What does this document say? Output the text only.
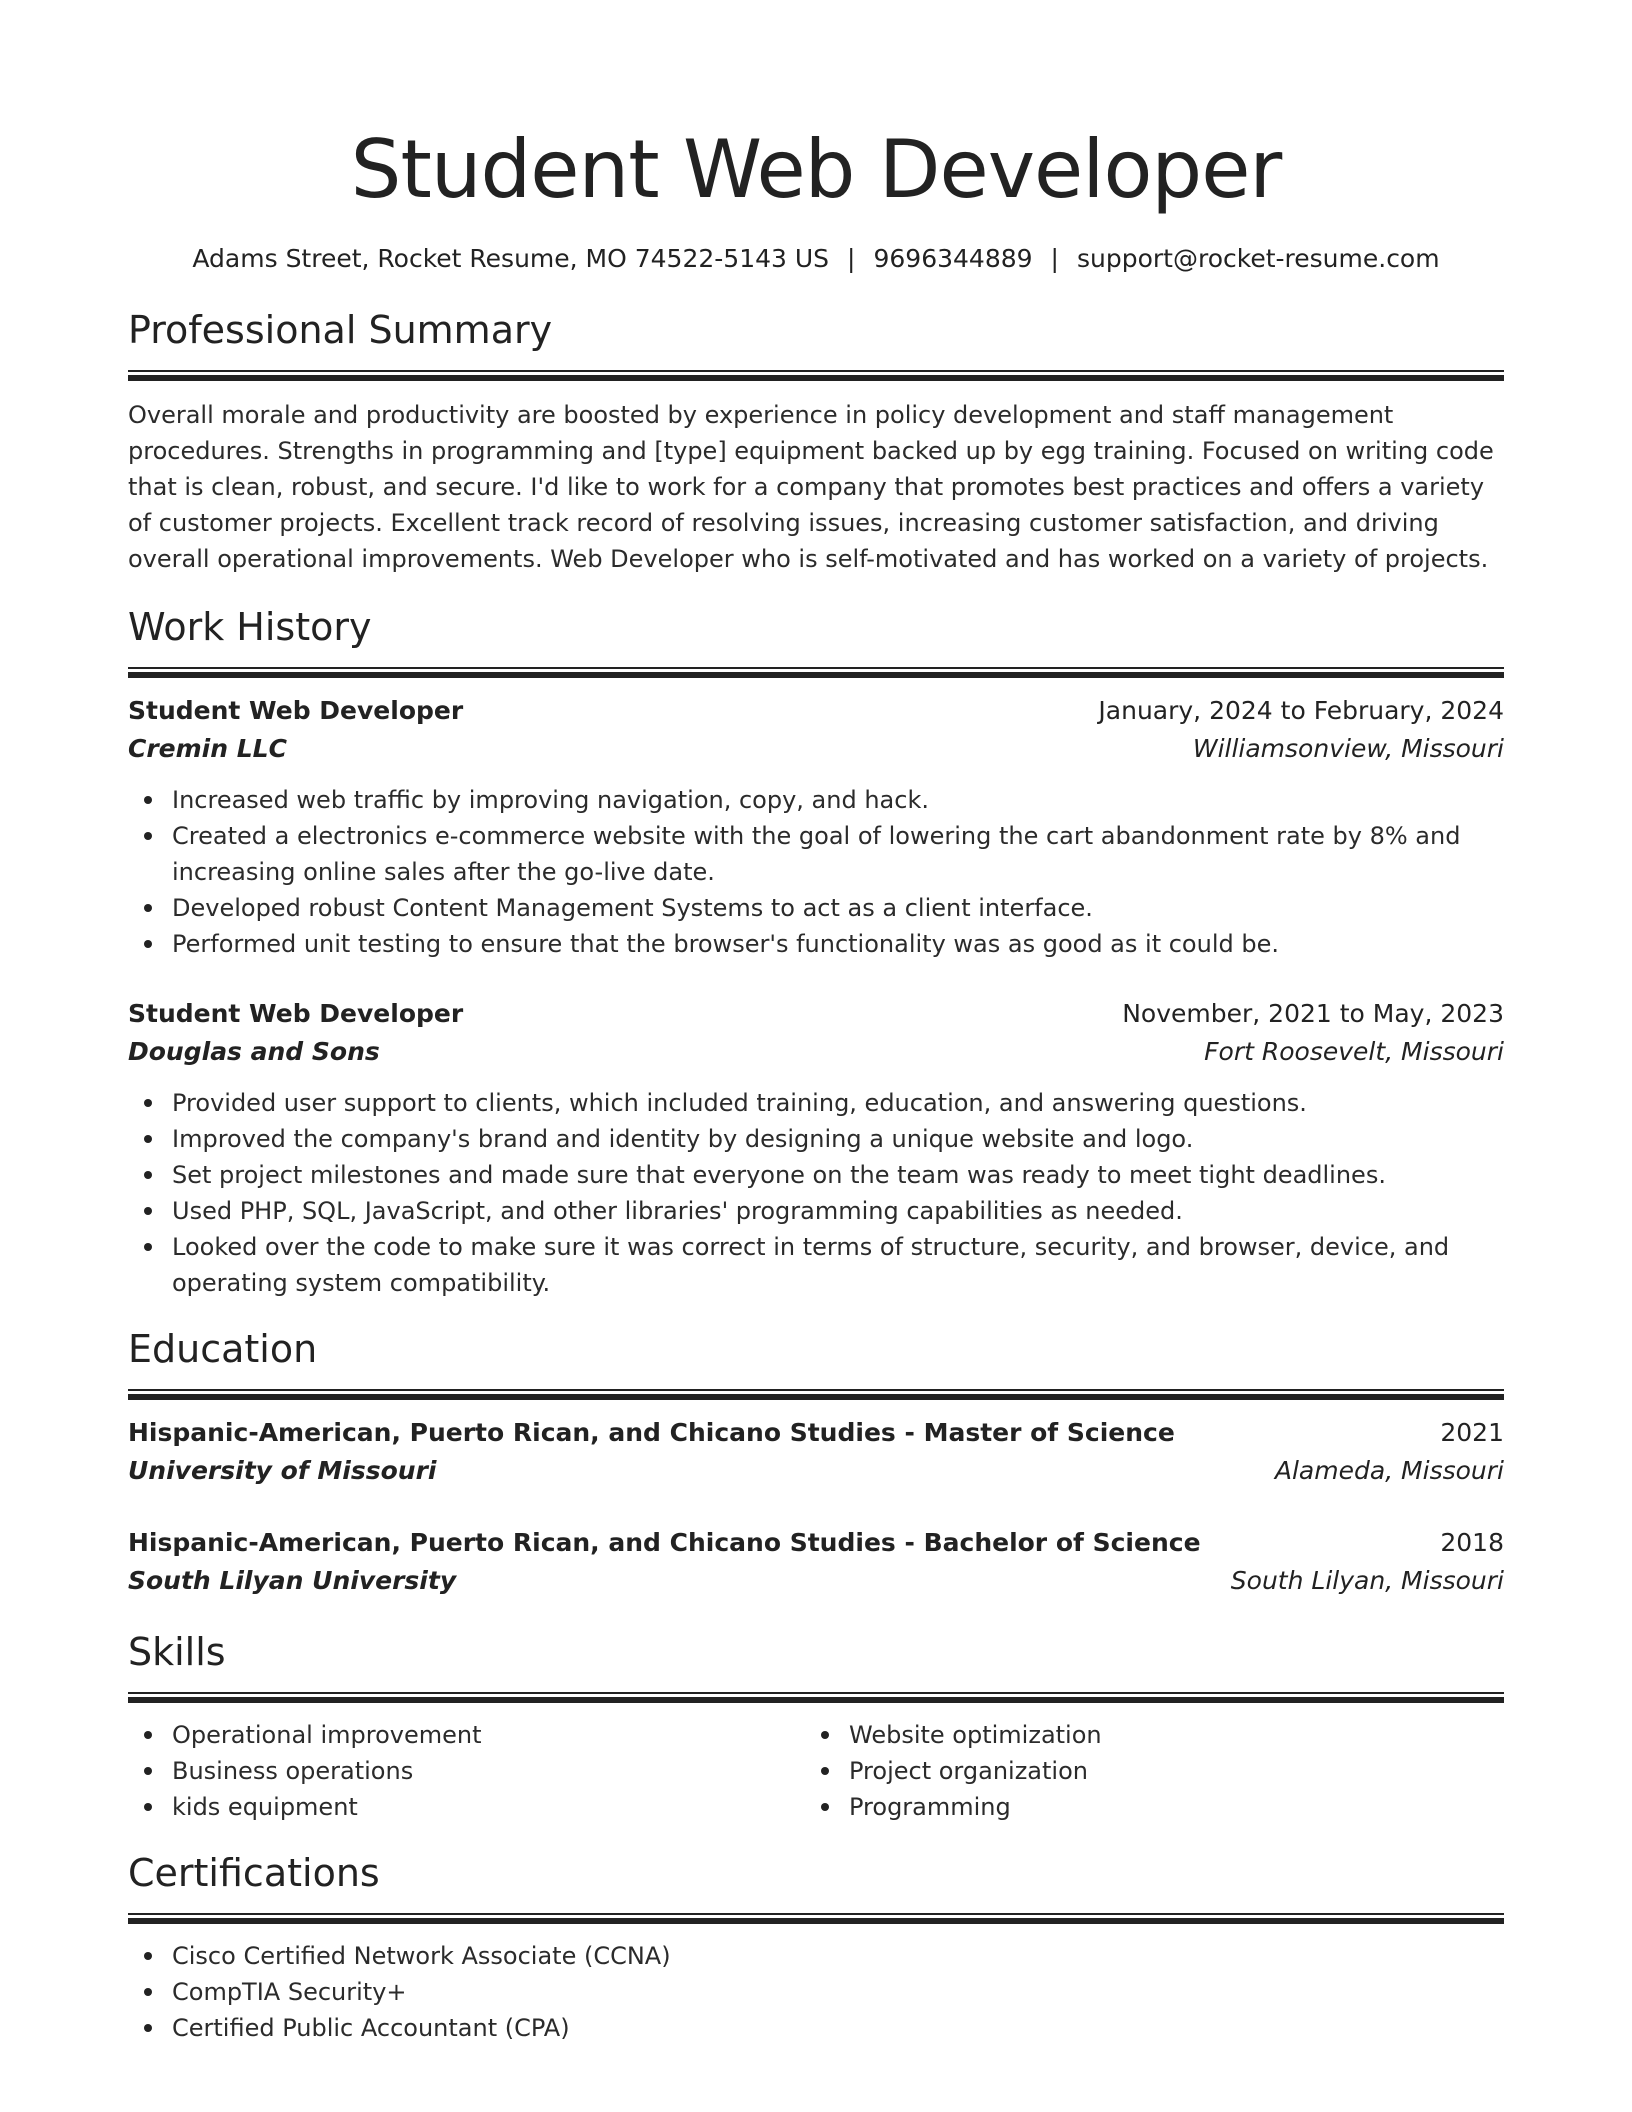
Student Web Developer
Adams Street, Rocket Resume, MO 74522-5143 US | 9696344889 | support@rocket-resume.com
Professional Summary

Overall morale and productivity are boosted by experience in policy development and staff management procedures. Strengths in programming and [type] equipment backed up by egg training. Focused on writing code that is clean, robust, and secure. I'd like to work for a company that promotes best practices and offers a variety of customer projects. Excellent track record of resolving issues, increasing customer satisfaction, and driving overall operational improvements. Web Developer who is self-motivated and has worked on a variety of projects.

Work History
Student Web Developer	January, 2024 to February, 2024
Cremin LLC	Williamsonview, Missouri
Increased web traffic by improving navigation, copy, and hack.
Created a electronics e-commerce website with the goal of lowering the cart abandonment rate by 8% and increasing online sales after the go-live date.
Developed robust Content Management Systems to act as a client interface.
Performed unit testing to ensure that the browser's functionality was as good as it could be.
Student Web Developer	November, 2021 to May, 2023
Douglas and Sons	Fort Roosevelt, Missouri
Provided user support to clients, which included training, education, and answering questions.
Improved the company's brand and identity by designing a unique website and logo.
Set project milestones and made sure that everyone on the team was ready to meet tight deadlines.
Used PHP, SQL, JavaScript, and other libraries' programming capabilities as needed.
Looked over the code to make sure it was correct in terms of structure, security, and browser, device, and operating system compatibility.
Education
Hispanic-American, Puerto Rican, and Chicano Studies - Master of Science	2021
University of Missouri	Alameda, Missouri
Hispanic-American, Puerto Rican, and Chicano Studies - Bachelor of Science	2018
South Lilyan University	South Lilyan, Missouri
Skills
Operational improvement
Business operations
kids equipment
Website optimization
Project organization
Programming
Certifications
Cisco Certified Network Associate (CCNA)
CompTIA Security+
Certified Public Accountant (CPA)
